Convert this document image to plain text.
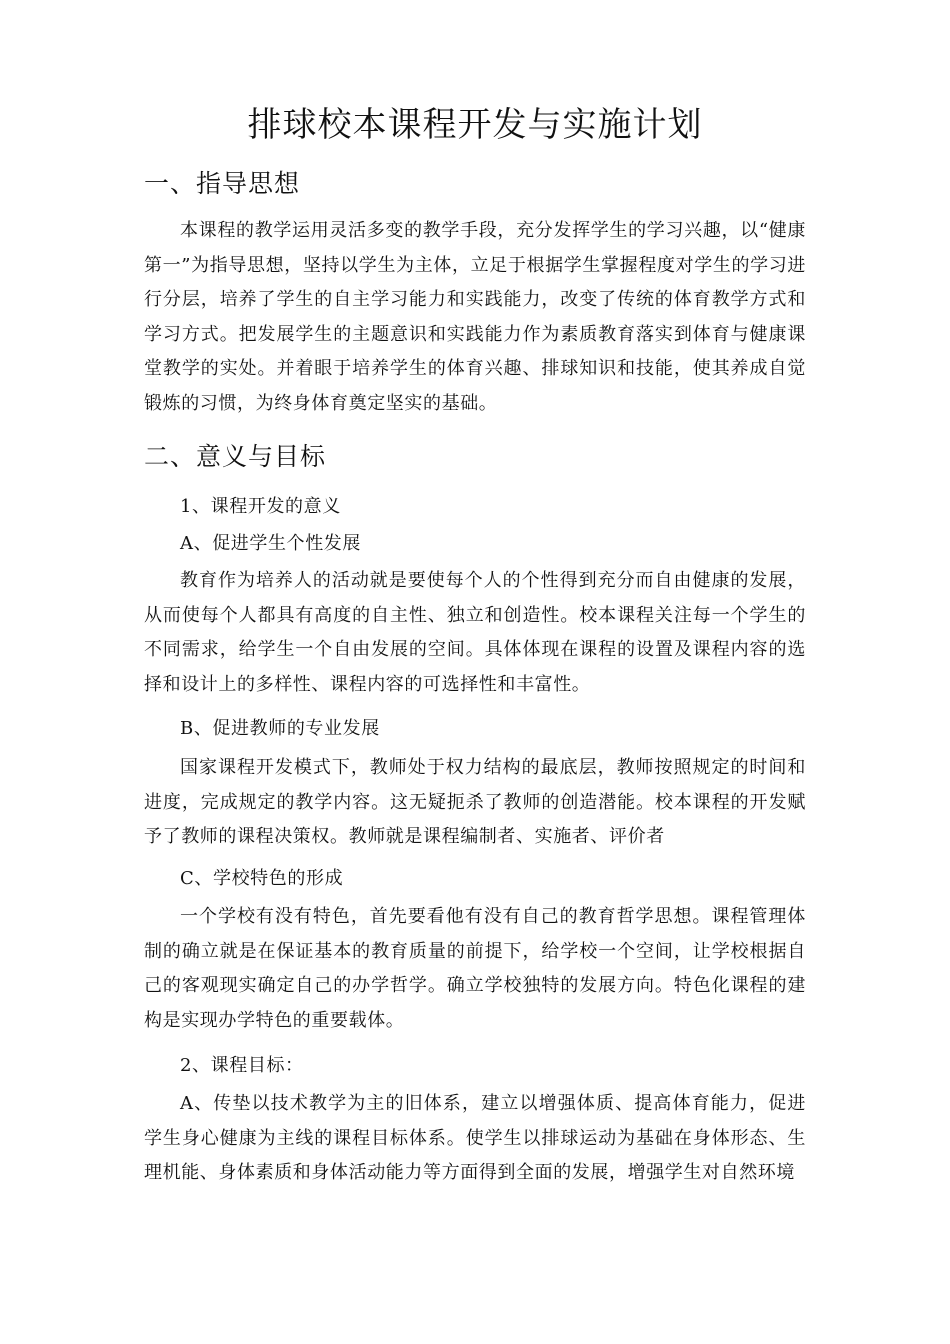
排球校本课程开发与实施计划
一、指导思想

本课程的教学运用灵活多变的教学手段，充分发挥学生的学习兴趣，以“健康第一”为指导思想，坚持以学生为主体，立足于根据学生掌握程度对学生的学习进行分层，培养了学生的自主学习能力和实践能力，改变了传统的体育教学方式和学习方式。把发展学生的主题意识和实践能力作为素质教育落实到体育与健康课堂教学的实处。并着眼于培养学生的体育兴趣、排球知识和技能，使其养成自觉锻炼的习惯，为终身体育奠定坚实的基础。

二、意义与目标

1、课程开发的意义

A、促进学生个性发展

教育作为培养人的活动就是要使每个人的个性得到充分而自由健康的发展，从而使每个人都具有高度的自主性、独立和创造性。校本课程关注每一个学生的不同需求，给学生一个自由发展的空间。具体体现在课程的设置及课程内容的选择和设计上的多样性、课程内容的可选择性和丰富性。

B、促进教师的专业发展

国家课程开发模式下，教师处于权力结构的最底层，教师按照规定的时间和进度，完成规定的教学内容。这无疑扼杀了教师的创造潜能。校本课程的开发赋予了教师的课程决策权。教师就是课程编制者、实施者、评价者

C、学校特色的形成

一个学校有没有特色，首先要看他有没有自己的教育哲学思想。课程管理体制的确立就是在保证基本的教育质量的前提下，给学校一个空间，让学校根据自己的客观现实确定自己的办学哲学。确立学校独特的发展方向。特色化课程的建构是实现办学特色的重要载体。

2、课程目标：

A、传垫以技术教学为主的旧体系，建立以增强体质、提高体育能力，促进学生身心健康为主线的课程目标体系。使学生以排球运动为基础在身体形态、生理机能、身体素质和身体活动能力等方面得到全面的发展，增强学生对自然环境
